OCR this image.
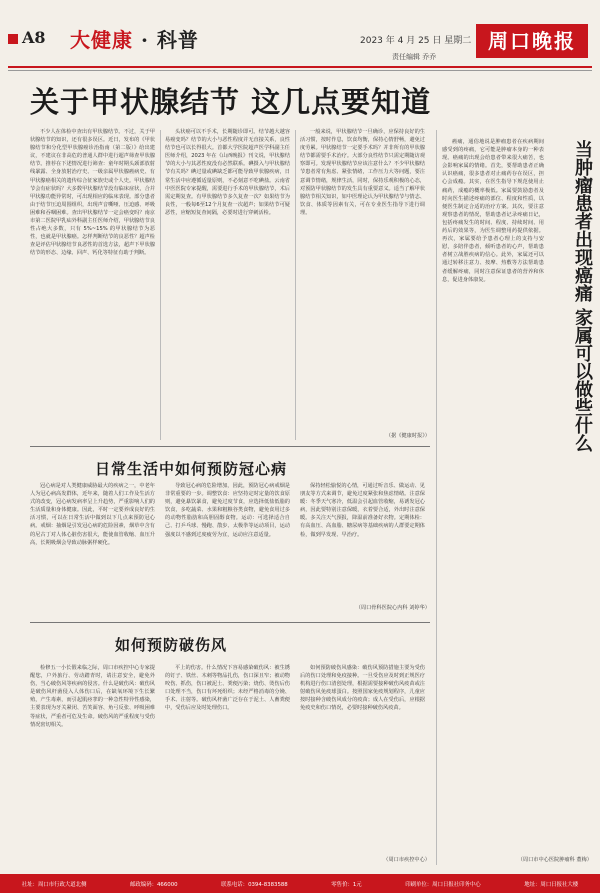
A8 大健康 · 科普	2023 年 4 月 25 日 星期二
责任编辑 乔乔
周口晚报
关于甲状腺结节 这几点要知道

不少人在体检中查出有甲状腺结节。不过，关于甲状腺结节的知识，还有很多误区。近日，发布的《甲状腺结节和分化型甲状腺癌诊治指南（第二版）》给出建议，不建议在非高危的普通人群中进行超声筛查甲状腺结节。推荐在下述情况进行筛查：童年时期头颈部放射线暴露、全身放射治疗史、一级亲属甲状腺癌病史、有甲状腺癌相关的遗传综合征家族史或个人史。甲状腺结节会有症状吗？大多数甲状腺结节没有临床症状，合并甲状腺功能异常时，可出现相应的临床表现。部分患者由于结节压迫周围组织，出现声音嘶哑、压迫感、呼吸困难和吞咽困难。查出甲状腺结节一定会癌变吗？南京市第二医院甲乳疝外科副主任医师介绍，甲状腺结节良性占绝大多数，只有 5%~15% 的甲状腺结节为恶性，也就是甲状腺癌。怎样判断结节的良恶性？超声检查是评估甲状腺结节良恶性的首选方法，超声下甲状腺结节的形态、边缘、回声、钙化等特征有助于判断。

头状癌可以不手术，长期随诊即可。结节越大越容易癌变吗？结节的大小与恶性程度并无直接关系，良性结节也可以长得很大。首都大学医院超声医学科副主任医师介绍，2023 年在《山西晚报》刊文说，甲状腺结节的大小与其恶性度没有必然联系。碘摄入与甲状腺结节有关吗？碘过量或碘缺乏都可能导致甲状腺疾病，日常生活中应遵循适量原则，不必刻意不吃碘盐。云南省中医医院专家提醒，需要进行手术的甲状腺结节，术后需定期复查。有甲状腺结节多久复查一次？如果结节为良性，一般每6至12个月复查一次超声；如果结节可疑恶性，应缩短复查间隔，必要时进行穿刺活检。

一般来说，甲状腺结节一旦确诊，应保持良好的生活习惯，按时作息，饮食均衡，保持心情舒畅，避免过度劳累。甲状腺结节一定要手术吗？并非所有的甲状腺结节都需要手术治疗。大部分良性结节只需定期随访观察即可。发现甲状腺结节应该注意什么？不少甲状腺结节患者常有焦虑、紧张情绪，工作压力大等问题，要注意调节情绪，规律生活，同时，保持乐观积极的心态，对预防甲状腺结节的发生具有重要意义。适当了解甲状腺结节相关知识，如中医理论认为甲状腺结节与情志、饮食、体质等因素有关，可在专业医生指导下进行调理。

（据《健康时报》）
日常生活中如何预防冠心病

冠心病是对人类健康威胁最大的疾病之一，中老年人为冠心病高发群体，近年来，随着人们工作及生活方式的改变，冠心病发病率呈上升趋势，严重影响人们的生活质量和身体健康。因此，平时一定要养成良好的生活习惯，可以在日常生活中做到以下几点来预防冠心病。戒烟：抽烟是引发冠心病的危险因素，烟草中含有的尼古丁对人体心脏伤害很大，能使血管收缩、血压升高，长期吸烟会导致动脉粥样硬化。

导致冠心病的危险增加，因此，预防冠心病戒烟是非常重要的一步。调整饮食：应坚持定时定量的饮食原则，避免暴饮暴食，避免过度节食，应选择低盐低脂的饮食，多吃蔬菜、水果和粗粮谷类食物，避免食用过多的动物性脂肪和高胆固醇食物。运动：可选择适合自己、打乒乓球、慢跑、散步、太极拳等运动项目，运动强度以不感到过度疲劳为宜，运动应注意适量。

保持轻松愉悦的心情，可通过听音乐、做运动、见朋友等方式来调节，避免过度紧张和焦虑情绪。注意保暖：冬季天气寒冷，低温会引起血管收缩，易诱发冠心病，因此要特别注意保暖，衣着要合适，外出时注意保暖。多关注天气预报，降温前准备好衣物。定期体检：有高血压、高血脂、糖尿病等基础疾病的人群要定期体检，做到早发现、早治疗。

（周口骨科医院心内科 刘婷华）
如何预防破伤风

检修五一小长假来临之际，周口市疾控中心专家提醒您，户外旅行、劳动踏青时，请注意安全，避免外伤，当心破伤风等疾病的侵害。什么是破伤风：破伤风是破伤风杆菌侵入人体伤口后，在缺氧环境下生长繁殖，产生毒素，而引起肌痉挛的一种急性特异性感染，主要表现为牙关紧闭、苦笑面容、角弓反张、呼吸困难等症状，严重者可危及生命。破伤风的严重程度与受伤情况密切相关。

平上的伤害。什么情况下容易感染破伤风：被生锈的钉子、铁丝、木刺等物品扎伤，伤口深且窄；被动物咬伤、抓伤，伤口被泥土、粪便污染；烧伤、烫伤后伤口处理不当，伤口有坏死组织；未经严格消毒的分娩、手术、注射等。破伤风杆菌广泛存在于泥土、人畜粪便中，受伤后应及时处理伤口。

如何预防破伤风感染：破伤风预防措施主要为受伤后的伤口处理和免疫接种。一旦受伤应及时到正规医疗机构进行伤口清创处理，根据需要接种破伤风疫苗或注射破伤风免疫球蛋白。按照国家免疫规划程序，儿童应按时接种含破伤风成分的疫苗；成人在受伤后，应根据免疫史和伤口情况，必要时接种破伤风疫苗。

（周口市疾控中心）

癌痛，通俗地说是肿瘤患者在疾病期间感受到的疼痛，它可能是肿瘤本身的一种表现。癌痛的出现会给患者带来很大痛苦，也会影响家属的情绪。首先，要帮助患者正确认识癌痛，很多患者对止痛药存在误区，担心会成瘾。其实，在医生指导下规范使用止痛药，成瘾的概率极低。家属要鼓励患者及时向医生描述疼痛的部位、程度和性质，以便医生制定合适的治疗方案。其次，要注意观察患者的情况，帮助患者记录疼痛日记，包括疼痛发生的时间、程度、持续时间、用药后的效果等，为医生调整用药提供依据。再次，家属要给予患者心理上的支持与安慰，多陪伴患者，倾听患者的心声，帮助患者树立战胜疾病的信心。此外，家属还可以通过转移注意力、按摩、热敷等方法帮助患者缓解疼痛，同时注意保证患者的营养和休息，促进身体康复。	当肿瘤患者出现癌痛 家属可以做些什么
（周口市中心医院肿瘤科 董梅）
社址：周口市行政大道北侧	邮政编码：466000	联系电话：0394-8383588	零售价：1元	印刷单位：周口日报社印务中心	地址：周口日报社大楼
